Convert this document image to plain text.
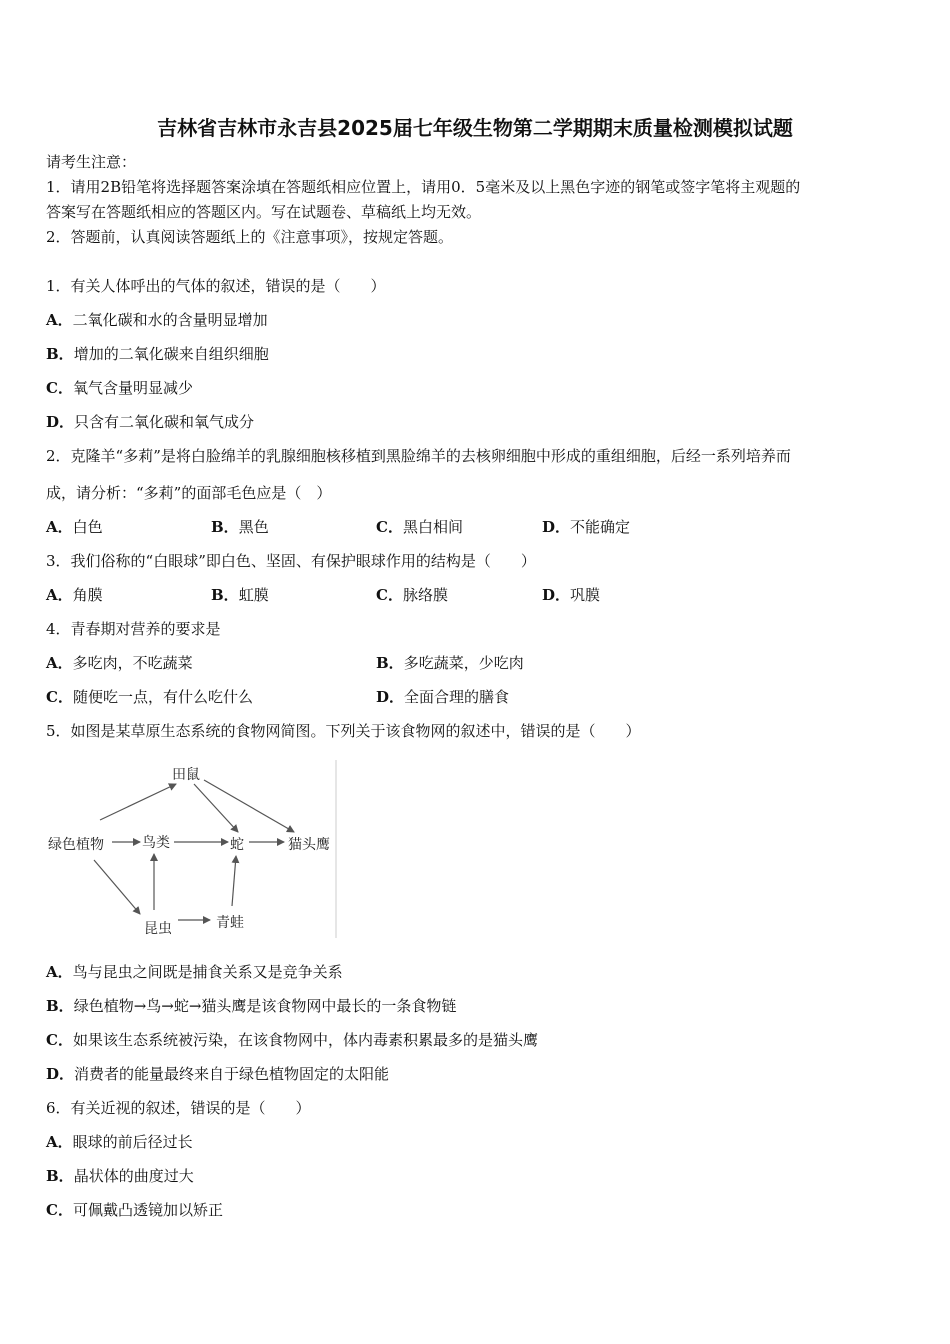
吉林省吉林市永吉县2025届七年级生物第二学期期末质量检测模拟试题
请考生注意：
1．请用2B铅笔将选择题答案涂填在答题纸相应位置上，请用0．5毫米及以上黑色字迹的钢笔或签字笔将主观题的
答案写在答题纸相应的答题区内。写在试题卷、草稿纸上均无效。
2．答题前，认真阅读答题纸上的《注意事项》，按规定答题。
1．有关人体呼出的气体的叙述，错误的是（　　）
A．二氧化碳和水的含量明显增加
B．增加的二氧化碳来自组织细胞
C．氧气含量明显减少
D．只含有二氧化碳和氧气成分
2．克隆羊“多莉”是将白脸绵羊的乳腺细胞核移植到黑脸绵羊的去核卵细胞中形成的重组细胞，后经一系列培养而
成，请分析：“多莉”的面部毛色应是（　）
A．白色	B．黑色	C．黑白相间	D．不能确定
3．我们俗称的“白眼球”即白色、坚固、有保护眼球作用的结构是（　　）
A．角膜	B．虹膜	C．脉络膜	D．巩膜
4．青春期对营养的要求是
A．多吃肉，不吃蔬菜	B．多吃蔬菜，少吃肉
C．随便吃一点，有什么吃什么	D．全面合理的膳食
5．如图是某草原生态系统的食物网简图。下列关于该食物网的叙述中，错误的是（　　）
田鼠
绿色植物	鸟类	蛇	猫头鹰
昆虫	青蛙
A．鸟与昆虫之间既是捕食关系又是竞争关系
B．绿色植物→鸟→蛇→猫头鹰是该食物网中最长的一条食物链
C．如果该生态系统被污染，在该食物网中，体内毒素积累最多的是猫头鹰
D．消费者的能量最终来自于绿色植物固定的太阳能
6．有关近视的叙述，错误的是（　　）
A．眼球的前后径过长
B．晶状体的曲度过大
C．可佩戴凸透镜加以矫正
